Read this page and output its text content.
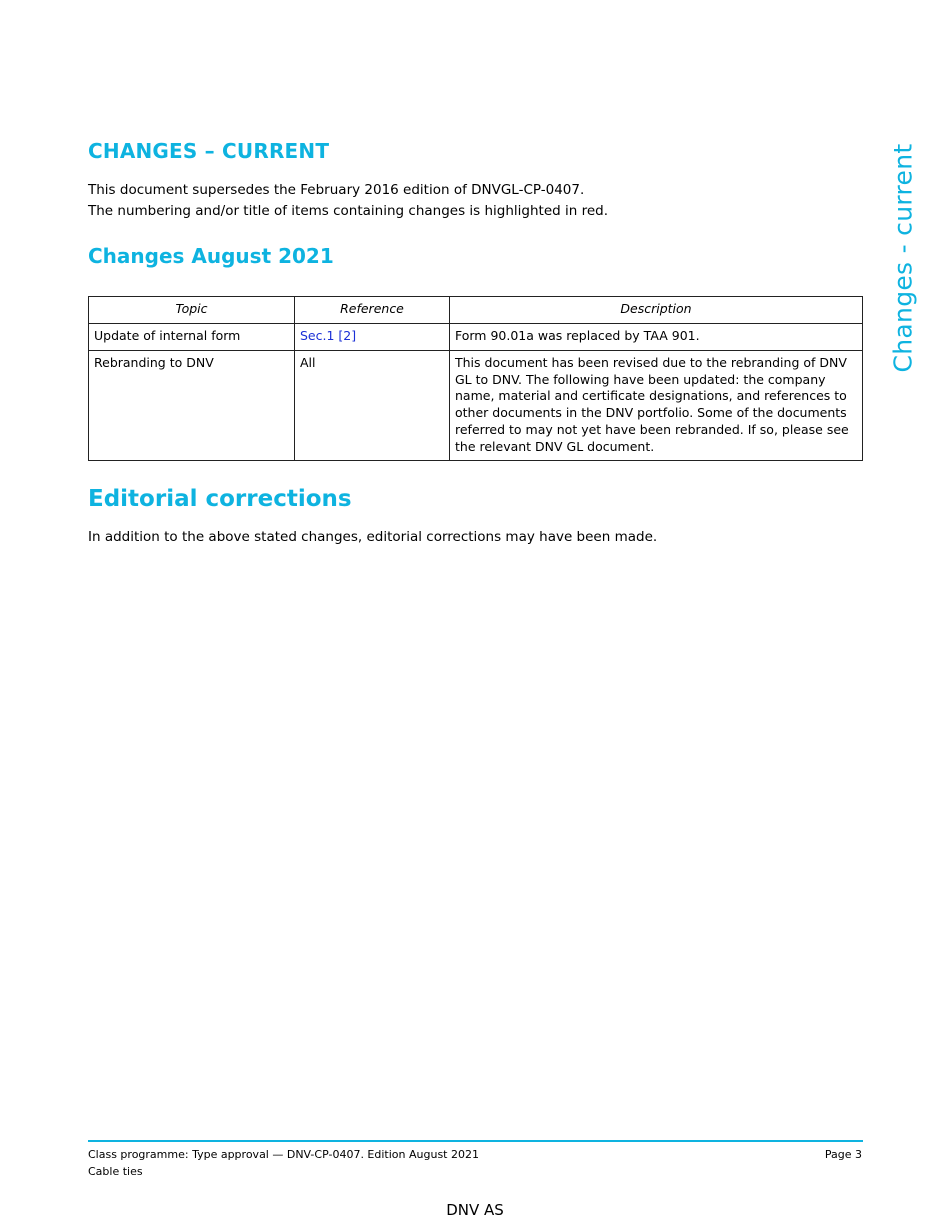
Changes - current
CHANGES – CURRENT
This document supersedes the February 2016 edition of DNVGL-CP-0407.
The numbering and/or title of items containing changes is highlighted in red.
Changes August 2021
Topic	Reference	Description
Update of internal form	Sec.1 [2]	Form 90.01a was replaced by TAA 901.
Rebranding to DNV	All	This document has been revised due to the rebranding of DNV GL to DNV. The following have been updated: the company name, material and certificate designations, and references to other documents in the DNV portfolio. Some of the documents referred to may not yet have been rebranded. If so, please see the relevant DNV GL document.
Editorial corrections
In addition to the above stated changes, editorial corrections may have been made.
Class programme: Type approval — DNV-CP-0407. Edition August 2021
Cable ties
Page 3
DNV AS
